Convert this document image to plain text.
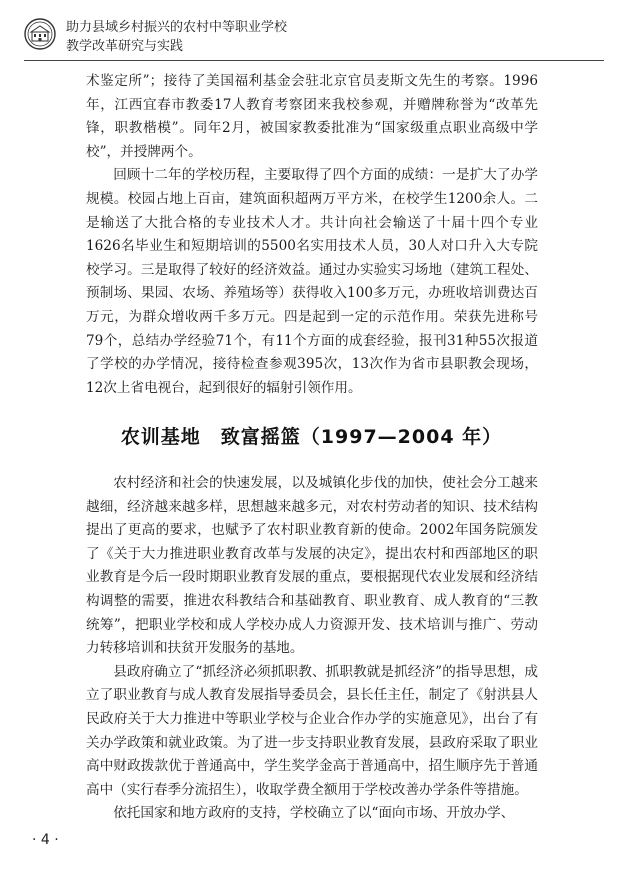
助力县域乡村振兴的农村中等职业学校
教学改革研究与实践

术鉴定所”；接待了美国福利基金会驻北京官员麦斯文先生的考察。1996年，江西宜春市教委17人教育考察团来我校参观，并赠牌称誉为“改革先锋，职教楷模”。同年2月，被国家教委批准为“国家级重点职业高级中学校”，并授牌两个。

回顾十二年的学校历程，主要取得了四个方面的成绩：一是扩大了办学规模。校园占地上百亩，建筑面积超两万平方米，在校学生1200余人。二是输送了大批合格的专业技术人才。共计向社会输送了十届十四个专业1626名毕业生和短期培训的5500名实用技术人员，30人对口升入大专院校学习。三是取得了较好的经济效益。通过办实验实习场地（建筑工程处、预制场、果园、农场、养殖场等）获得收入100多万元，办班收培训费达百万元，为群众增收两千多万元。四是起到一定的示范作用。荣获先进称号79个，总结办学经验71个，有11个方面的成套经验，报刊31种55次报道了学校的办学情况，接待检查参观395次，13次作为省市县职教会现场，12次上省电视台，起到很好的辐射引领作用。

农训基地　致富摇篮（1997—2004 年）

农村经济和社会的快速发展，以及城镇化步伐的加快，使社会分工越来越细，经济越来越多样，思想越来越多元，对农村劳动者的知识、技术结构提出了更高的要求，也赋予了农村职业教育新的使命。2002年国务院颁发了《关于大力推进职业教育改革与发展的决定》，提出农村和西部地区的职业教育是今后一段时期职业教育发展的重点，要根据现代农业发展和经济结构调整的需要，推进农科教结合和基础教育、职业教育、成人教育的“三教统筹”，把职业学校和成人学校办成人力资源开发、技术培训与推广、劳动力转移培训和扶贫开发服务的基地。

县政府确立了“抓经济必须抓职教、抓职教就是抓经济”的指导思想，成立了职业教育与成人教育发展指导委员会，县长任主任，制定了《射洪县人民政府关于大力推进中等职业学校与企业合作办学的实施意见》，出台了有关办学政策和就业政策。为了进一步支持职业教育发展，县政府采取了职业高中财政拨款优于普通高中，学生奖学金高于普通高中，招生顺序先于普通高中（实行春季分流招生），收取学费全额用于学校改善办学条件等措施。

依托国家和地方政府的支持，学校确立了以“面向市场、开放办学、

· 4 ·
